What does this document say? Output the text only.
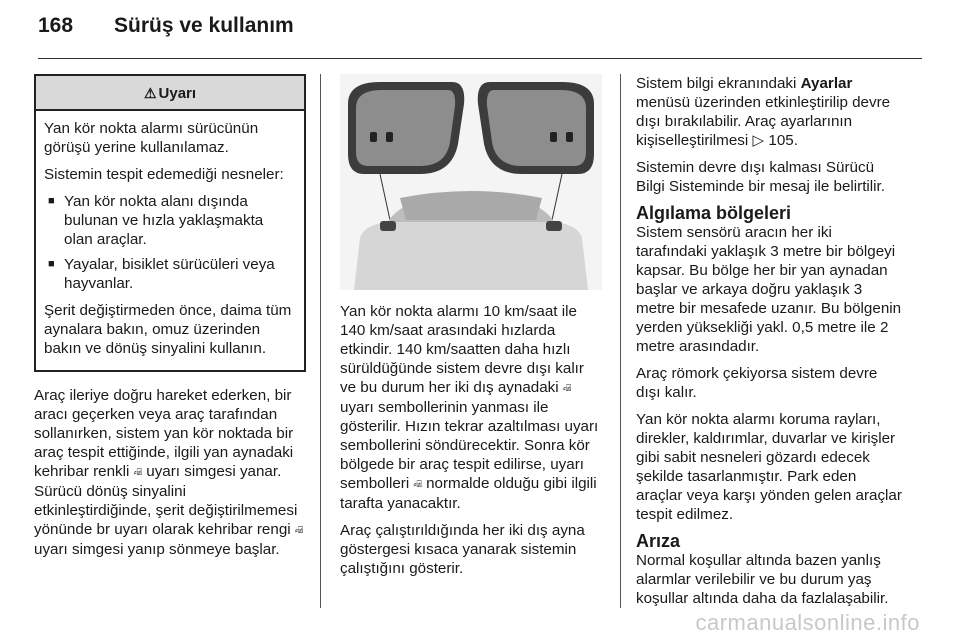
168 Sürüş ve kullanım
⚠ Uyarı

Yan kör nokta alarmı sürücünün görüşü yerine kullanılamaz.

Sistemin tespit edemediği nesneler:

■ Yan kör nokta alanı dışında bulunan ve hızla yaklaşmakta olan araçlar.
■ Yayalar, bisiklet sürücüleri veya hayvanlar.

Şerit değiştirmeden önce, daima tüm aynalara bakın, omuz üzerinden bakın ve dönüş sinyalini kullanın.

Araç ileriye doğru hareket ederken, bir aracı geçerken veya araç tarafından sollanırken, sistem yan kör noktada bir araç tespit ettiğinde, ilgili yan aynadaki kehribar renkli ⸗⍯ uyarı simgesi yanar. Sürücü dönüş sinyalini etkinleştirdiğinde, şerit değiştirilmemesi yönünde br uyarı olarak kehribar rengi ⸗⍯ uyarı simgesi yanıp sönmeye başlar.

Yan kör nokta alarmı 10 km/saat ile 140 km/saat arasındaki hızlarda etkindir. 140 km/saatten daha hızlı sürüldüğünde sistem devre dışı kalır ve bu durum her iki dış aynadaki ⸗⍯ uyarı sembollerinin yanması ile gösterilir. Hızın tekrar azaltılması uyarı sembollerini söndürecektir. Sonra kör bölgede bir araç tespit edilirse, uyarı sembolleri ⸗⍯ normalde olduğu gibi ilgili tarafta yanacaktır.

Araç çalıştırıldığında her iki dış ayna göstergesi kısaca yanarak sistemin çalıştığını gösterir.

Sistem bilgi ekranındaki Ayarlar menüsü üzerinden etkinleştirilip devre dışı bırakılabilir. Araç ayarlarının kişiselleştirilmesi ▷ 105.

Sistemin devre dışı kalması Sürücü Bilgi Sisteminde bir mesaj ile belirtilir.

Algılama bölgeleri

Sistem sensörü aracın her iki tarafındaki yaklaşık 3 metre bir bölgeyi kapsar. Bu bölge her bir yan aynadan başlar ve arkaya doğru yaklaşık 3 metre bir mesafede uzanır. Bu bölgenin yerden yüksekliği yakl. 0,5 metre ile 2 metre arasındadır.

Araç römork çekiyorsa sistem devre dışı kalır.

Yan kör nokta alarmı koruma rayları, direkler, kaldırımlar, duvarlar ve kirişler gibi sabit nesneleri gözardı edecek şekilde tasarlanmıştır. Park eden araçlar veya karşı yönden gelen araçlar tespit edilmez.

Arıza

Normal koşullar altında bazen yanlış alarmlar verilebilir ve bu durum yaş koşullar altında daha da fazlalaşabilir.

carmanualsonline.info
